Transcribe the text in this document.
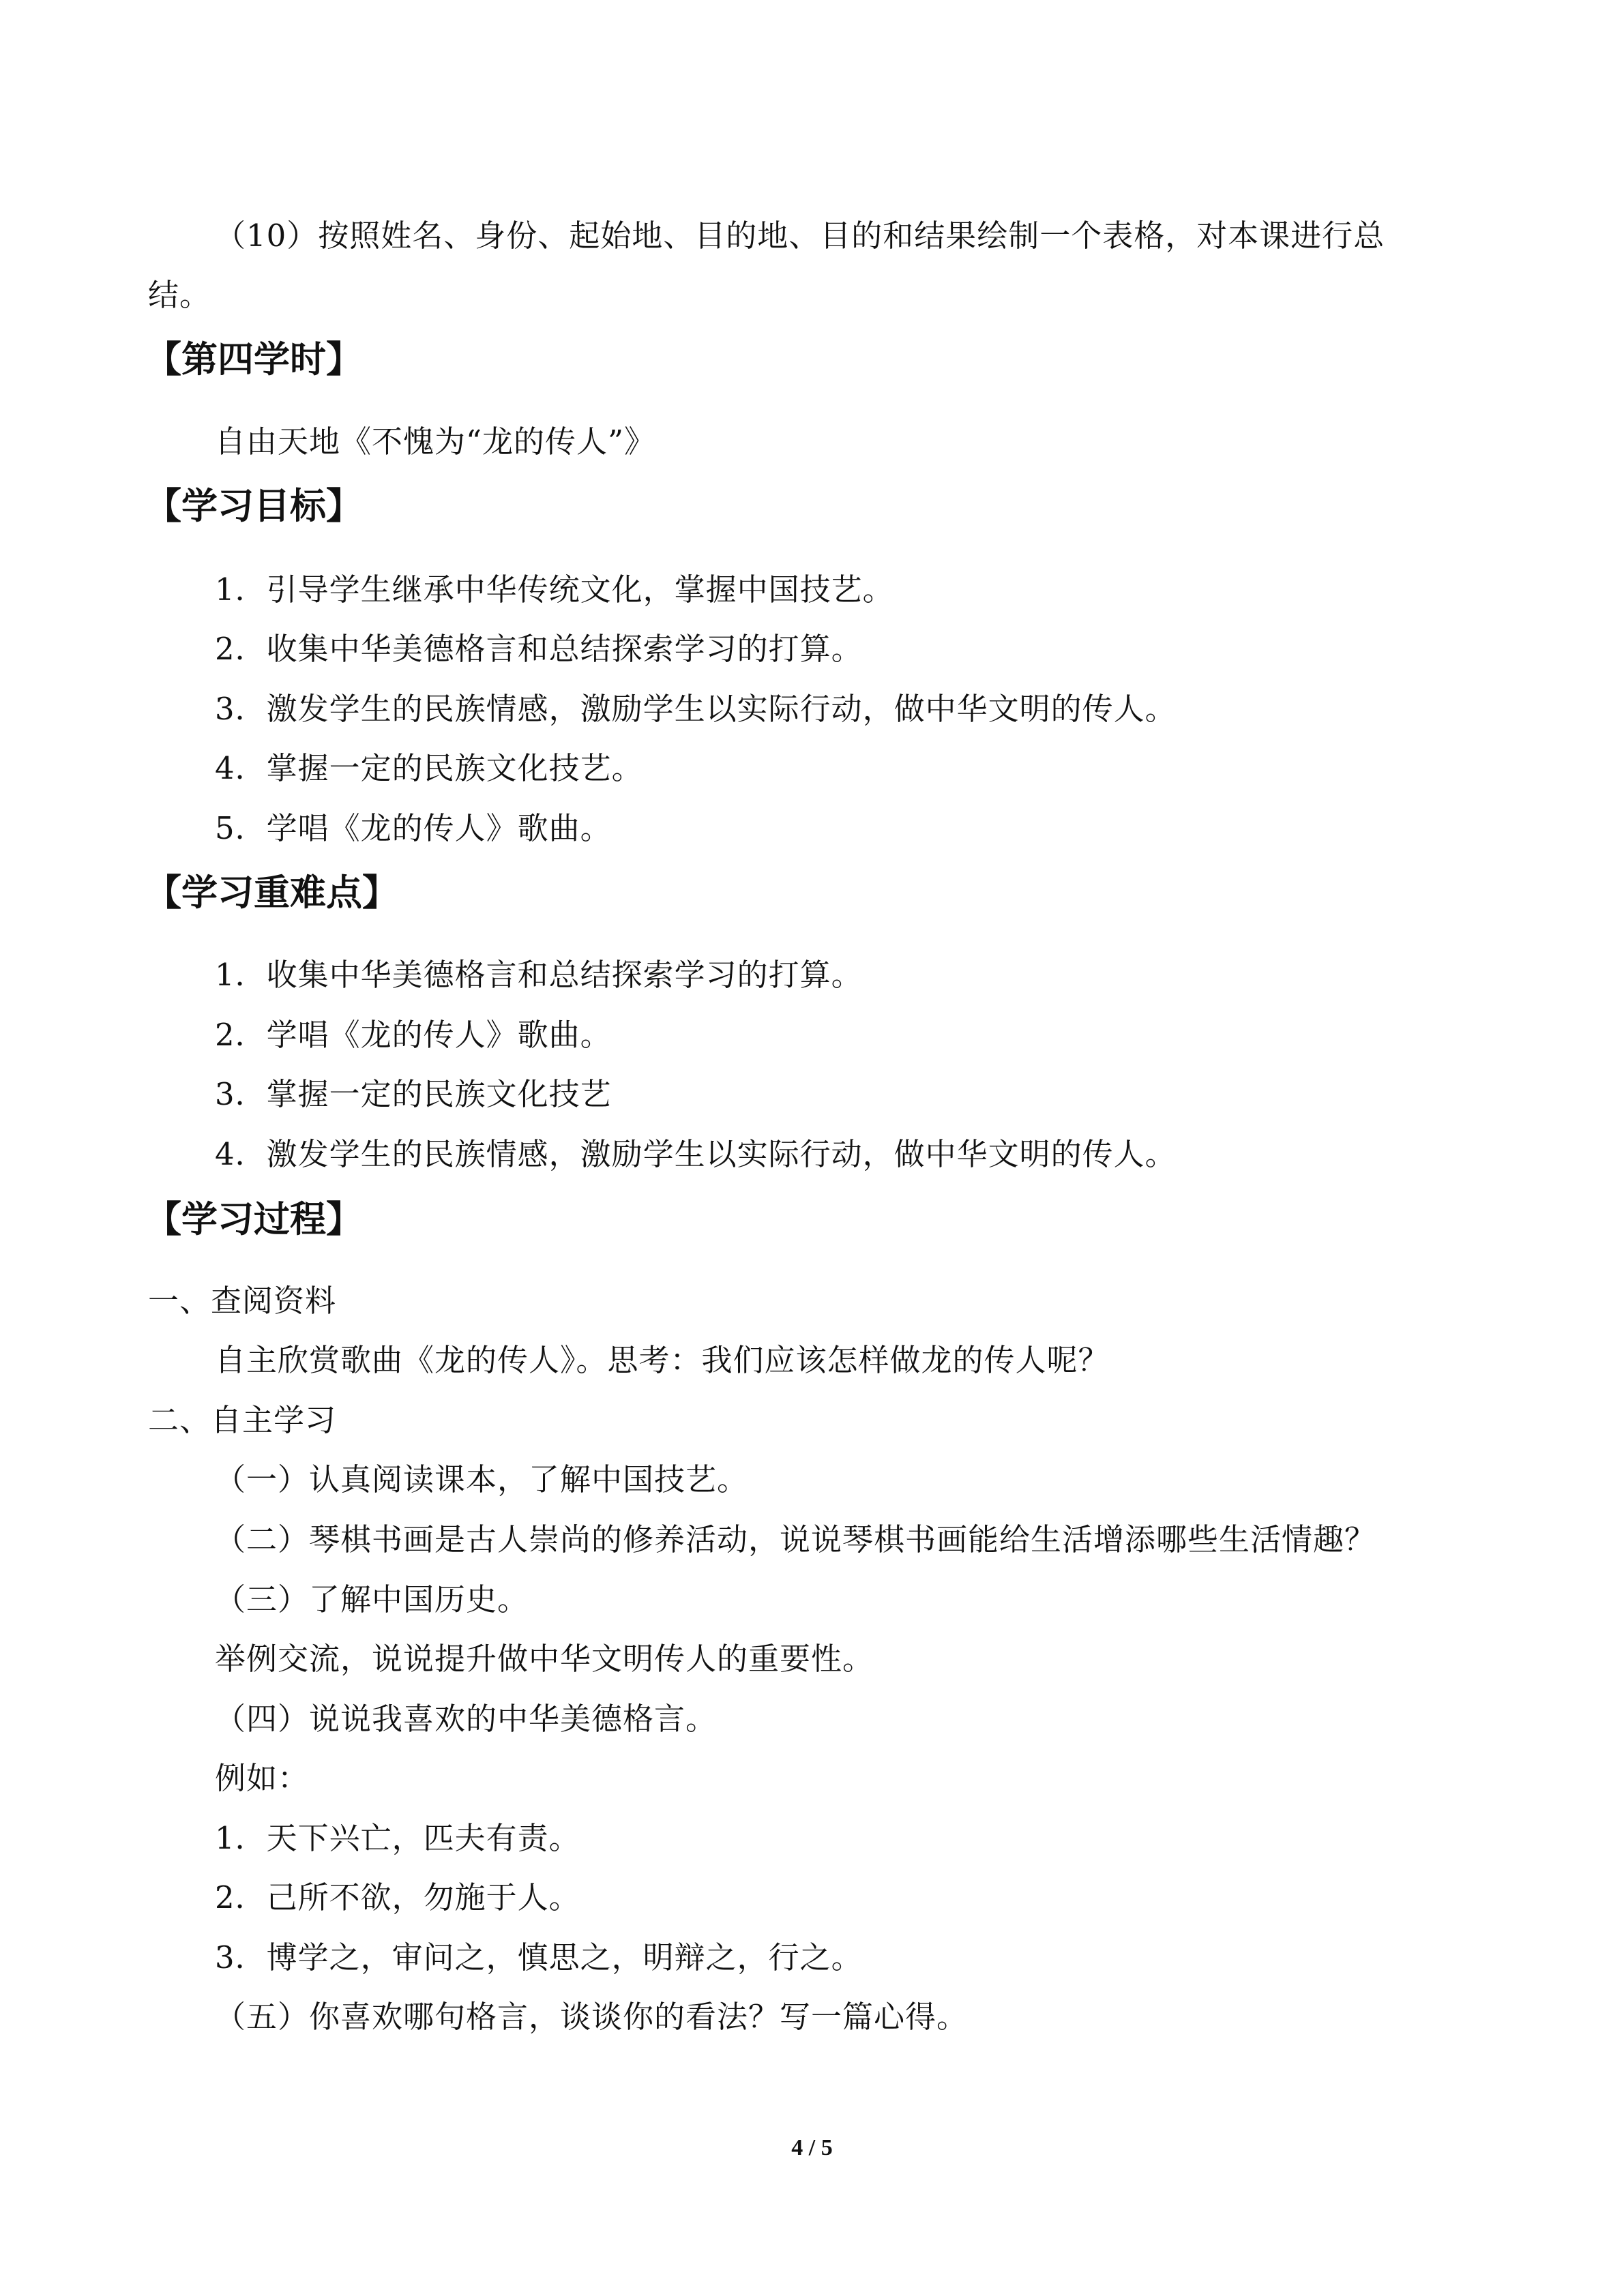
（10）按照姓名、身份、起始地、目的地、目的和结果绘制一个表格，对本课进行总
结。
【第四学时】
自由天地《不愧为“龙的传人”》
【学习目标】
1．引导学生继承中华传统文化，掌握中国技艺。
2．收集中华美德格言和总结探索学习的打算。
3．激发学生的民族情感，激励学生以实际行动，做中华文明的传人。
4．掌握一定的民族文化技艺。
5．学唱《龙的传人》歌曲。
【学习重难点】
1．收集中华美德格言和总结探索学习的打算。
2．学唱《龙的传人》歌曲。
3．掌握一定的民族文化技艺
4．激发学生的民族情感，激励学生以实际行动，做中华文明的传人。
【学习过程】
一、查阅资料
自主欣赏歌曲《龙的传人》。思考：我们应该怎样做龙的传人呢？
二、自主学习
（一）认真阅读课本，了解中国技艺。
（二）琴棋书画是古人崇尚的修养活动，说说琴棋书画能给生活增添哪些生活情趣？
（三）了解中国历史。
举例交流，说说提升做中华文明传人的重要性。
（四）说说我喜欢的中华美德格言。
例如：
1．天下兴亡，匹夫有责。
2．己所不欲，勿施于人。
3．博学之，审问之，慎思之，明辩之，行之。
（五）你喜欢哪句格言，谈谈你的看法？写一篇心得。
4 / 5
